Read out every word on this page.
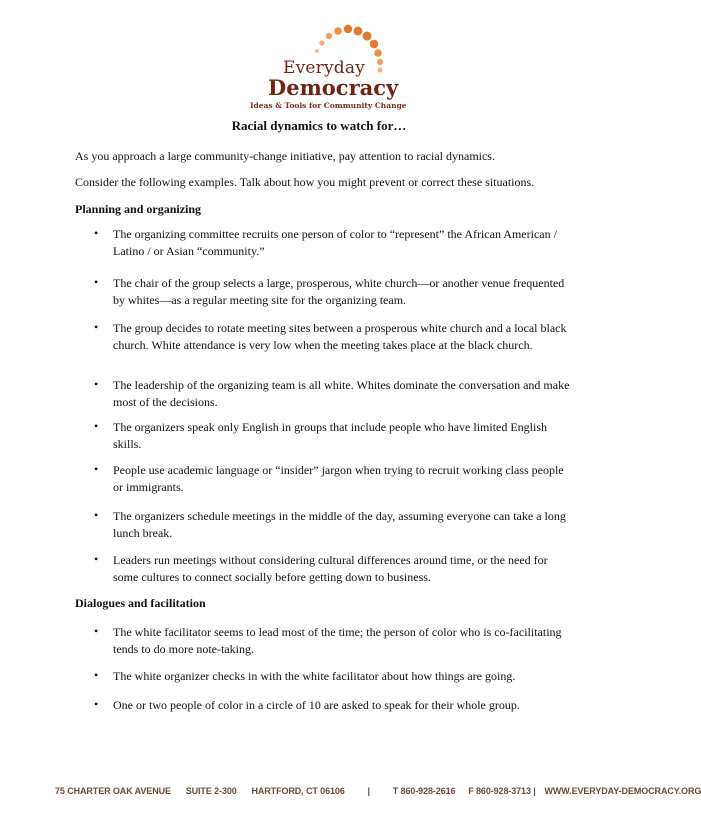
Everyday
Democracy
Ideas & Tools for Community Change
Racial dynamics to watch for…
As you approach a large community-change initiative, pay attention to racial dynamics.
Consider the following examples. Talk about how you might prevent or correct these situations.
Planning and organizing
• The organizing committee recruits one person of color to “represent” the African American / Latino / or Asian “community.”
• The chair of the group selects a large, prosperous, white church—or another venue frequented by whites—as a regular meeting site for the organizing team.
• The group decides to rotate meeting sites between a prosperous white church and a local black church. White attendance is very low when the meeting takes place at the black church.
• The leadership of the organizing team is all white. Whites dominate the conversation and make most of the decisions.
• The organizers speak only English in groups that include people who have limited English skills.
• People use academic language or “insider” jargon when trying to recruit working class people or immigrants.
• The organizers schedule meetings in the middle of the day, assuming everyone can take a long lunch break.
• Leaders run meetings without considering cultural differences around time, or the need for some cultures to connect socially before getting down to business.
Dialogues and facilitation
• The white facilitator seems to lead most of the time; the person of color who is co-facilitating tends to do more note-taking.
• The white organizer checks in with the white facilitator about how things are going.
• One or two people of color in a circle of 10 are asked to speak for their whole group.
75 CHARTER OAK AVENUE SUITE 2-300 HARTFORD, CT 06106	|	T 860-928-2616 F 860-928-3713 | WWW.EVERYDAY-DEMOCRACY.ORG
